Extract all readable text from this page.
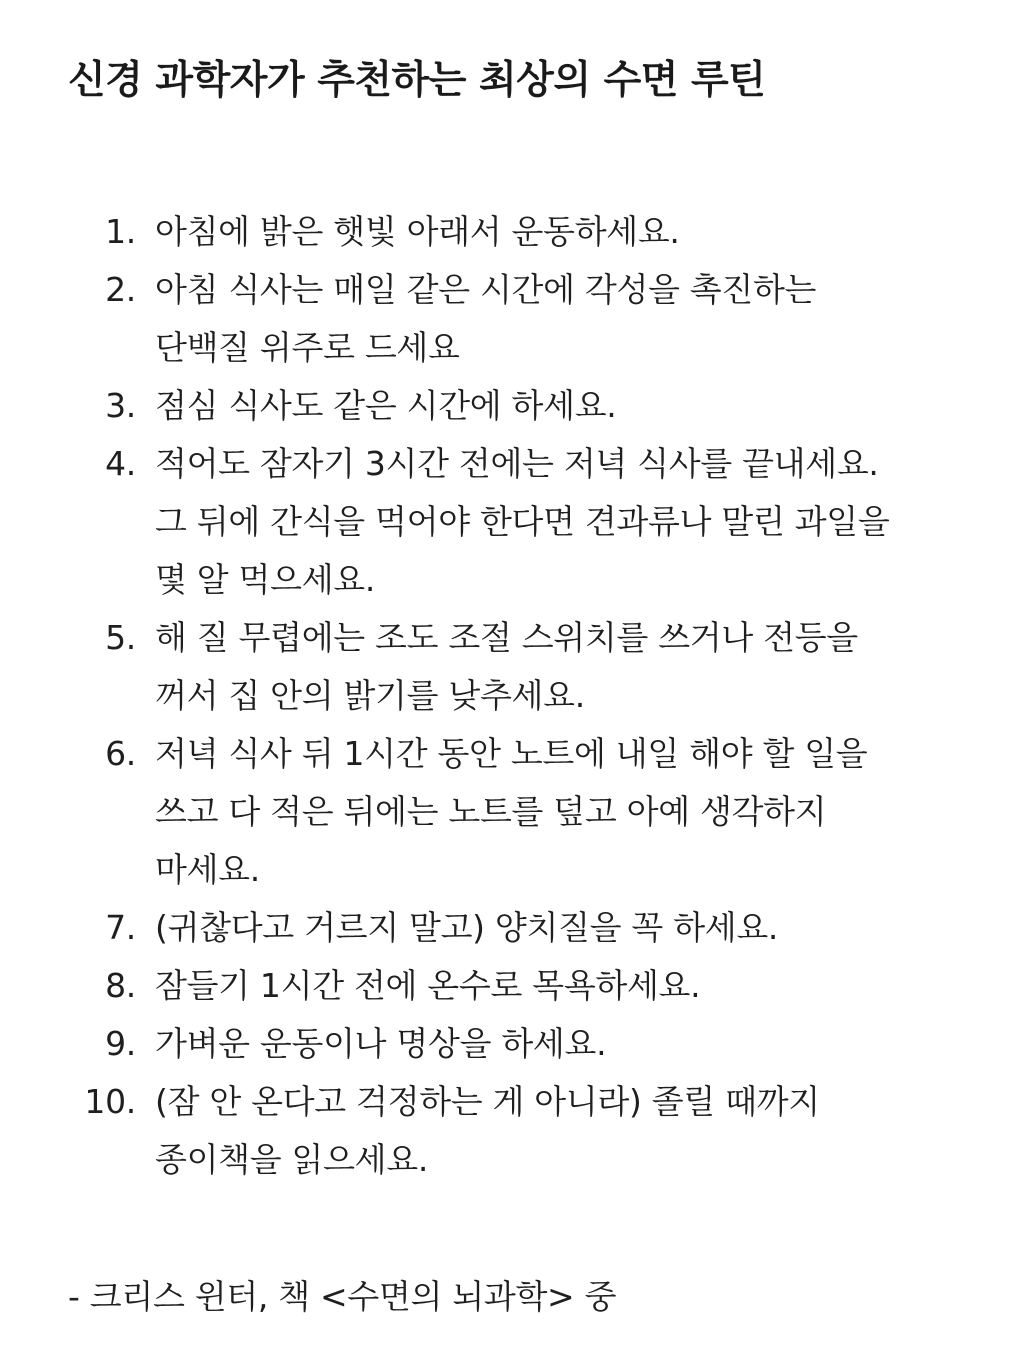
신경 과학자가 추천하는 최상의 수면 루틴
1. 아침에 밝은 햇빛 아래서 운동하세요.
2. 아침 식사는 매일 같은 시간에 각성을 촉진하는 단백질 위주로 드세요
3. 점심 식사도 같은 시간에 하세요.
4. 적어도 잠자기 3시간 전에는 저녁 식사를 끝내세요. 그 뒤에 간식을 먹어야 한다면 견과류나 말린 과일을 몇 알 먹으세요.
5. 해 질 무렵에는 조도 조절 스위치를 쓰거나 전등을 꺼서 집 안의 밝기를 낮추세요.
6. 저녁 식사 뒤 1시간 동안 노트에 내일 해야 할 일을 쓰고 다 적은 뒤에는 노트를 덮고 아예 생각하지 마세요.
7. (귀찮다고 거르지 말고) 양치질을 꼭 하세요.
8. 잠들기 1시간 전에 온수로 목욕하세요.
9. 가벼운 운동이나 명상을 하세요.
10. (잠 안 온다고 걱정하는 게 아니라) 졸릴 때까지 종이책을 읽으세요.

- 크리스 윈터, 책 <수면의 뇌과학> 중
